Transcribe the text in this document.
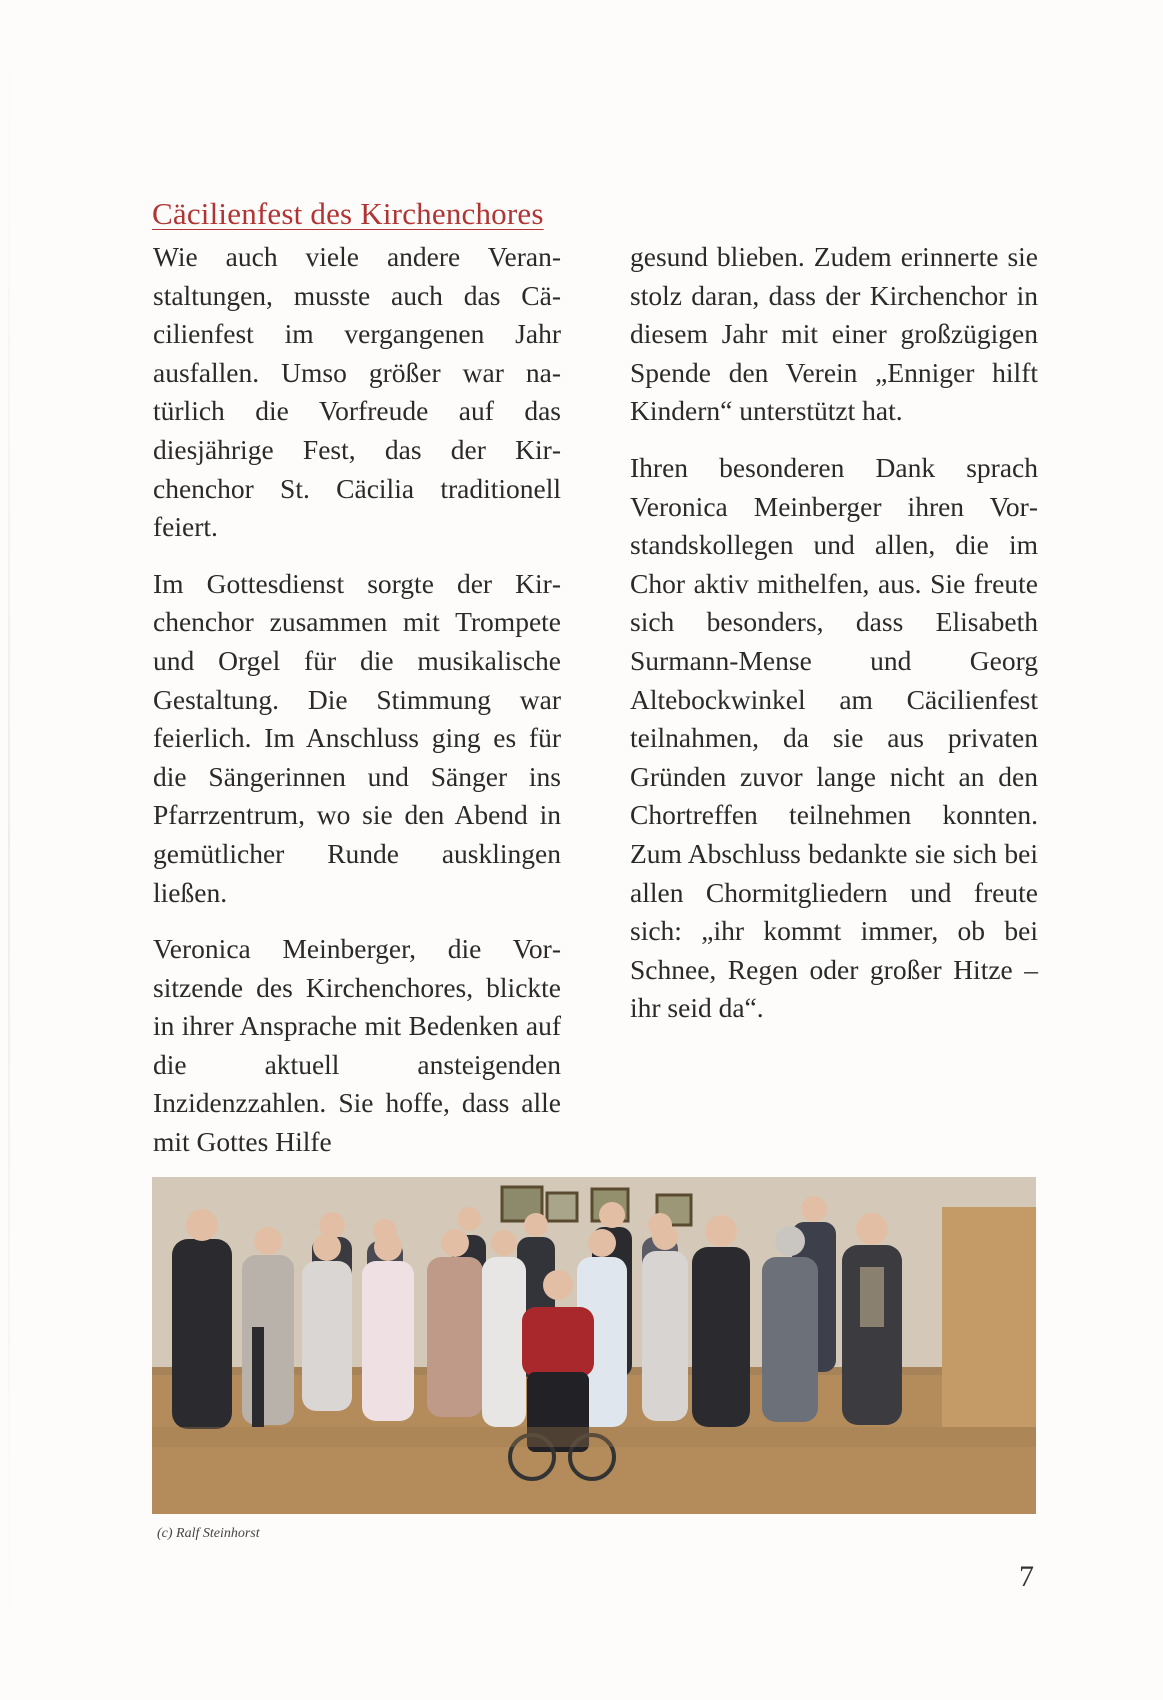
Cäcilienfest des Kirchenchores

Wie auch viele andere Veranstaltungen, musste auch das Cäcilienfest im vergangenen Jahr ausfallen. Umso größer war natürlich die Vorfreude auf das diesjährige Fest, das der Kirchenchor St. Cäcilia traditionell feiert.

Im Gottesdienst sorgte der Kirchenchor zusammen mit Trompete und Orgel für die musikalische Gestaltung. Die Stimmung war feierlich. Im Anschluss ging es für die Sängerinnen und Sänger ins Pfarrzentrum, wo sie den Abend in gemütlicher Runde ausklingen ließen.

Veronica Meinberger, die Vorsitzende des Kirchenchores, blickte in ihrer Ansprache mit Bedenken auf die aktuell ansteigenden Inzidenzzahlen. Sie hoffe, dass alle mit Gottes Hilfe

gesund blieben. Zudem erinnerte sie stolz daran, dass der Kirchenchor in diesem Jahr mit einer großzügigen Spende den Verein „Enniger hilft Kindern“ unterstützt hat.

Ihren besonderen Dank sprach Veronica Meinberger ihren Vorstandskollegen und allen, die im Chor aktiv mithelfen, aus. Sie freute sich besonders, dass Elisabeth Surmann-Mense und Georg Altebockwinkel am Cäcilienfest teilnahmen, da sie aus privaten Gründen zuvor lange nicht an den Chortreffen teilnehmen konnten. Zum Abschluss bedankte sie sich bei allen Chormitgliedern und freute sich: „ihr kommt immer, ob bei Schnee, Regen oder großer Hitze – ihr seid da“.

(c) Ralf Steinhorst
7
